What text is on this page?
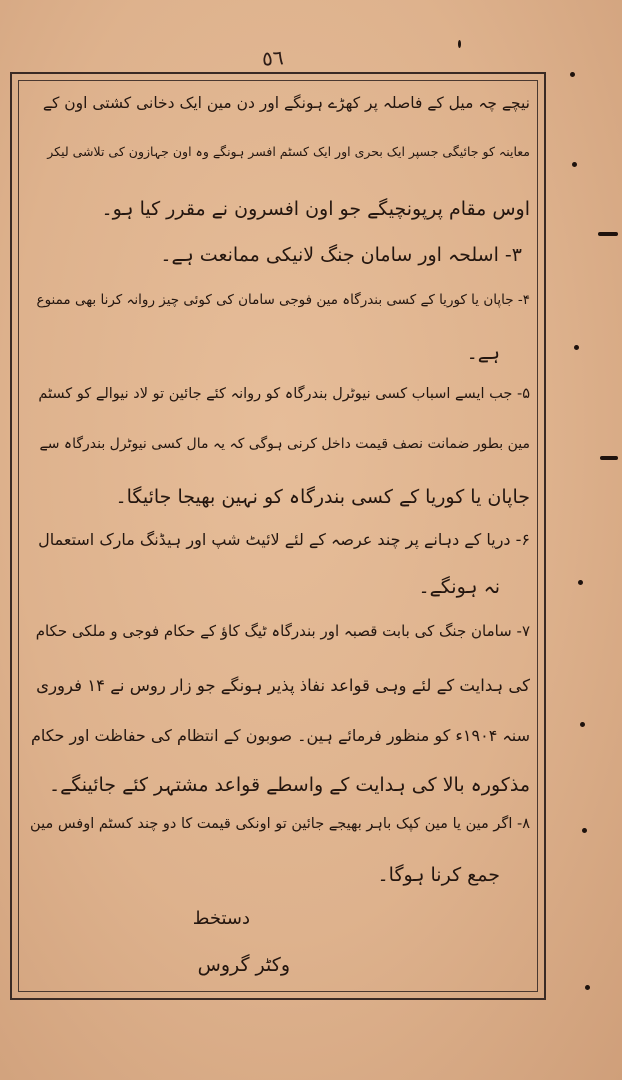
٥٦
نیچے چہ میل کے فاصلہ پر کھڑے ہونگے اور دن مین ایک دخانی کشتی اون کے
معاینہ کو جائیگی جسپر ایک بحری اور ایک کسٹم افسر ہونگے وہ اون جہازون کی تلاشی لیکر
اوس مقام پرپونچیگے جو اون افسرون نے مقرر کیا ہو۔
۳- اسلحہ اور سامان جنگ لانیکی ممانعت ہے۔
۴- جاپان یا کوریا کے کسی بندرگاہ مین فوجی سامان کی کوئی چیز روانہ کرنا بھی ممنوع
ہے۔
۵- جب ایسے اسباب کسی نیوٹرل بندرگاہ کو روانہ کئے جائین تو لاد نیوالے کو کسٹم
مین بطور ضمانت نصف قیمت داخل کرنی ہوگی کہ یہ مال کسی نیوٹرل بندرگاہ سے
جاپان یا کوریا کے کسی بندرگاہ کو نہین بھیجا جائیگا۔
۶- دریا کے دہانے پر چند عرصہ کے لئے لائیٹ شپ اور ہیڈنگ مارک استعمال
نہ ہونگے۔
۷- سامان جنگ کی بابت قصبہ اور بندرگاہ ٹیگ کاؤ کے حکام فوجی و ملکی حکام
کی ہدایت کے لئے وہی قواعد نفاذ پذیر ہونگے جو زار روس نے ۱۴ فروری
سنہ ۱۹۰۴ء کو منظور فرمائے ہین۔ صوبون کے انتظام کی حفاظت اور حکام
مذکورہ بالا کی ہدایت کے واسطے قواعد مشتہر کئے جائینگے۔
۸- اگر مین یا مین کپک باہر بھیجے جائین تو اونکی قیمت کا دو چند کسٹم اوفس مین
جمع کرنا ہوگا۔
دستخط
وکٹر گروس
